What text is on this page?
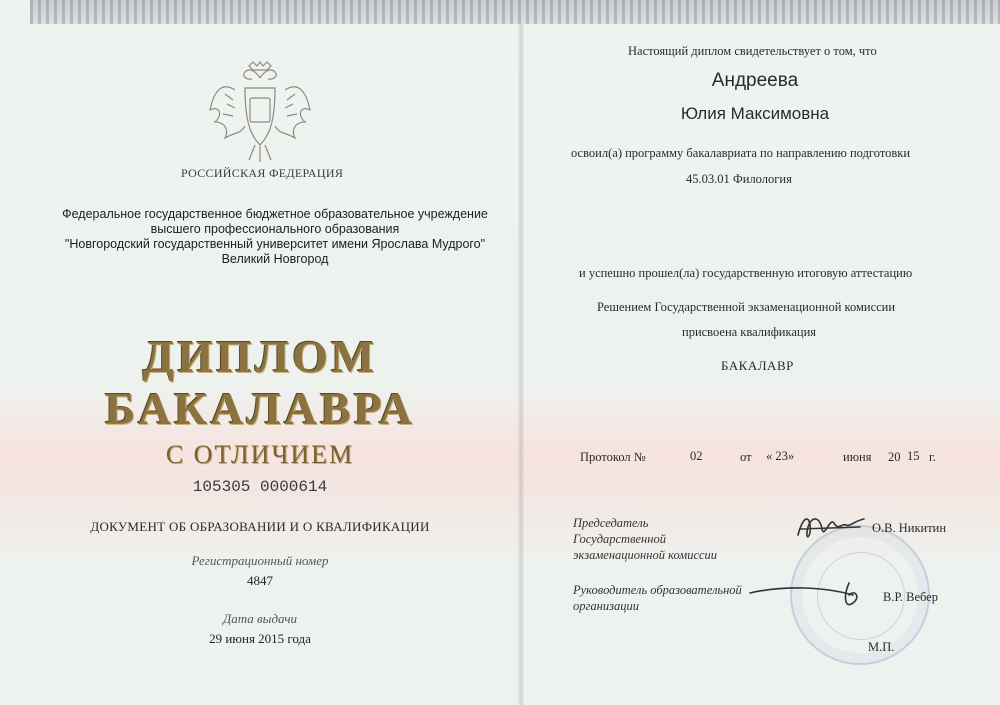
РОССИЙСКАЯ ФЕДЕРАЦИЯ
Федеральное государственное бюджетное образовательное учреждение
высшего профессионального образования
"Новгородский государственный университет имени Ярослава Мудрого"
Великий Новгород
ДИПЛОМ
БАКАЛАВРА
С ОТЛИЧИЕМ
105305 0000614
ДОКУМЕНТ ОБ ОБРАЗОВАНИИ И О КВАЛИФИКАЦИИ
Регистрационный номер
4847
Дата выдачи
29 июня 2015 года
Настоящий диплом свидетельствует о том, что
Андреева
Юлия Максимовна
освоил(а) программу бакалавриата по направлению подготовки
45.03.01 Филология
и успешно прошел(ла) государственную итоговую аттестацию
Решением Государственной экзаменационной комиссии
присвоена квалификация
БАКАЛАВР
Протокол №	02	от « 23»	июня 20 15 г.
Председатель
Государственной
экзаменационной комиссии
О.В. Никитин
Руководитель образовательной
организации
В.Р. Вебер
М.П.
